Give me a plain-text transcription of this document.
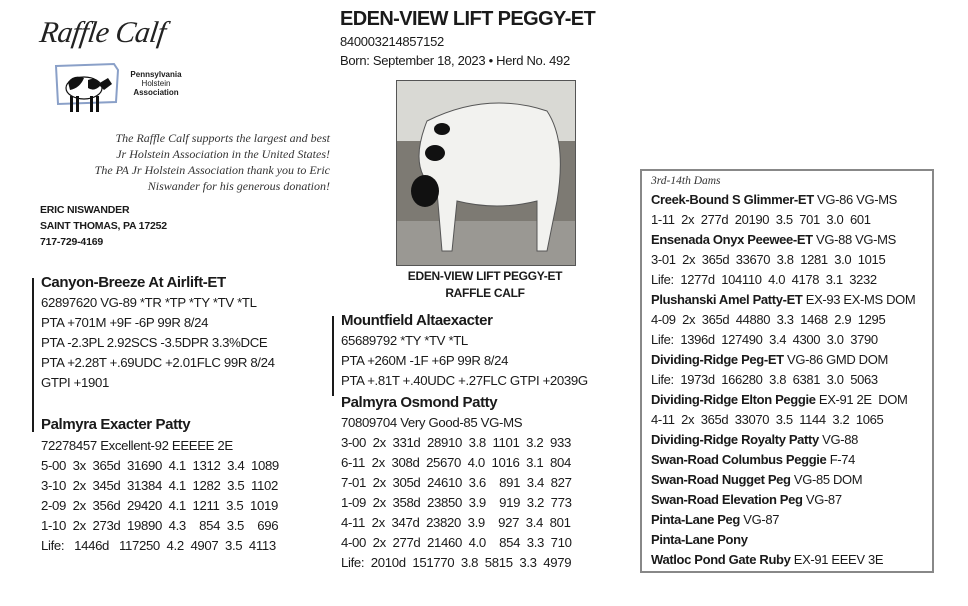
Raffle Calf
Pennsylvania
Holstein
Association
The Raffle Calf supports the largest and best
Jr Holstein Association in the United States!
The PA Jr Holstein Association thank you to Eric
Niswander for his generous donation!
ERIC NISWANDER
SAINT THOMAS, PA 17252
717-729-4169
EDEN-VIEW LIFT PEGGY-ET
840003214857152
Born: September 18, 2023 • Herd No. 492
EDEN-VIEW LIFT PEGGY-ET
RAFFLE CALF
Canyon-Breeze At Airlift-ET
62897620 VG-89 *TR *TP *TY *TV *TL
PTA +701M +9F -6P 99R 8/24
PTA -2.3PL 2.92SCS -3.5DPR 3.3%DCE
PTA +2.28T +.69UDC +2.01FLC 99R 8/24
GTPI +1901
Palmyra Exacter Patty
72278457 Excellent-92 EEEEE 2E
5-00  3x  365d  31690  4.1  1312  3.4  1089
3-10  2x  345d  31384  4.1  1282  3.5  1102
2-09  2x  356d  29420  4.1  1211  3.5  1019
1-10  2x  273d  19890  4.3    854  3.5    696
Life:   1446d   117250  4.2  4907  3.5  4113
Mountfield Altaexacter
65689792 *TY *TV *TL
PTA +260M -1F +6P 99R 8/24
PTA +.81T +.40UDC +.27FLC GTPI +2039G
Palmyra Osmond Patty
70809704 Very Good-85 VG-MS
3-00  2x  331d  28910  3.8  1101  3.2  933
6-11  2x  308d  25670  4.0  1016  3.1  804
7-01  2x  305d  24610  3.6    891  3.4  827
1-09  2x  358d  23850  3.9    919  3.2  773
4-11  2x  347d  23820  3.9    927  3.4  801
4-00  2x  277d  21460  4.0    854  3.3  710
Life:  2010d  151770  3.8  5815  3.3  4979
3rd-14th Dams
Creek-Bound S Glimmer-ET VG-86 VG-MS
1-11  2x  277d  20190  3.5  701  3.0  601
Ensenada Onyx Peewee-ET VG-88 VG-MS
3-01  2x  365d  33670  3.8  1281  3.0  1015
Life:  1277d  104110  4.0  4178  3.1  3232
Plushanski Amel Patty-ET EX-93 EX-MS DOM
4-09  2x  365d  44880  3.3  1468  2.9  1295
Life:  1396d  127490  3.4  4300  3.0  3790
Dividing-Ridge Peg-ET VG-86 GMD DOM
Life:  1973d  166280  3.8  6381  3.0  5063
Dividing-Ridge Elton Peggie EX-91 2E  DOM
4-11  2x  365d  33070  3.5  1144  3.2  1065
Dividing-Ridge Royalty Patty VG-88
Swan-Road Columbus Peggie F-74
Swan-Road Nugget Peg VG-85 DOM
Swan-Road Elevation Peg VG-87
Pinta-Lane Peg VG-87
Pinta-Lane Pony
Watloc Pond Gate Ruby EX-91 EEEV 3E
